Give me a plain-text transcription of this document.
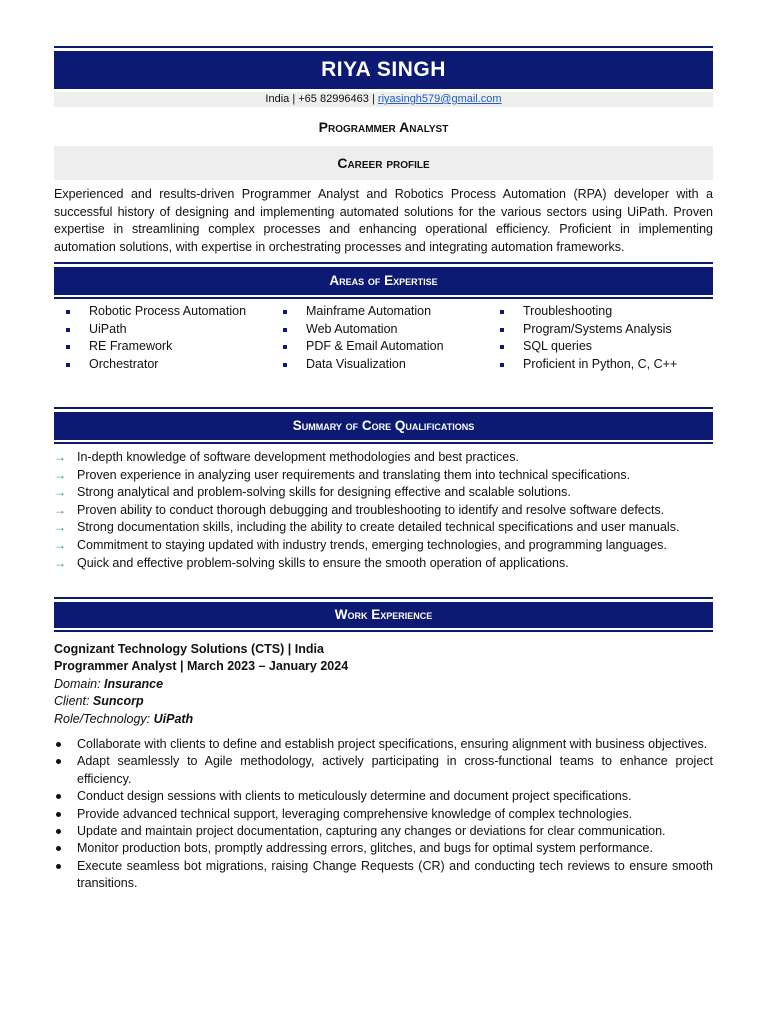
RIYA SINGH
India | +65 82996463 | riyasingh579@gmail.com
Programmer Analyst
Career profile
Experienced and results-driven Programmer Analyst and Robotics Process Automation (RPA) developer with a successful history of designing and implementing automated solutions for the various sectors using UiPath. Proven expertise in streamlining complex processes and enhancing operational efficiency. Proficient in implementing automation solutions, with expertise in orchestrating processes and integrating automation frameworks.
Areas of Expertise
Robotic Process Automation
UiPath
RE Framework
Orchestrator
Mainframe Automation
Web Automation
PDF & Email Automation
Data Visualization
Troubleshooting
Program/Systems Analysis
SQL queries
Proficient in Python, C, C++
Summary of Core Qualifications
→ In-depth knowledge of software development methodologies and best practices.
→ Proven experience in analyzing user requirements and translating them into technical specifications.
→ Strong analytical and problem-solving skills for designing effective and scalable solutions.
→ Proven ability to conduct thorough debugging and troubleshooting to identify and resolve software defects.
→ Strong documentation skills, including the ability to create detailed technical specifications and user manuals.
→ Commitment to staying updated with industry trends, emerging technologies, and programming languages.
→ Quick and effective problem-solving skills to ensure the smooth operation of applications.
Work Experience
Cognizant Technology Solutions (CTS) | India
Programmer Analyst | March 2023 – January 2024
Domain: Insurance
Client: Suncorp
Role/Technology: UiPath
Collaborate with clients to define and establish project specifications, ensuring alignment with business objectives.
Adapt seamlessly to Agile methodology, actively participating in cross-functional teams to enhance project efficiency.
Conduct design sessions with clients to meticulously determine and document project specifications.
Provide advanced technical support, leveraging comprehensive knowledge of complex technologies.
Update and maintain project documentation, capturing any changes or deviations for clear communication.
Monitor production bots, promptly addressing errors, glitches, and bugs for optimal system performance.
Execute seamless bot migrations, raising Change Requests (CR) and conducting tech reviews to ensure smooth transitions.
